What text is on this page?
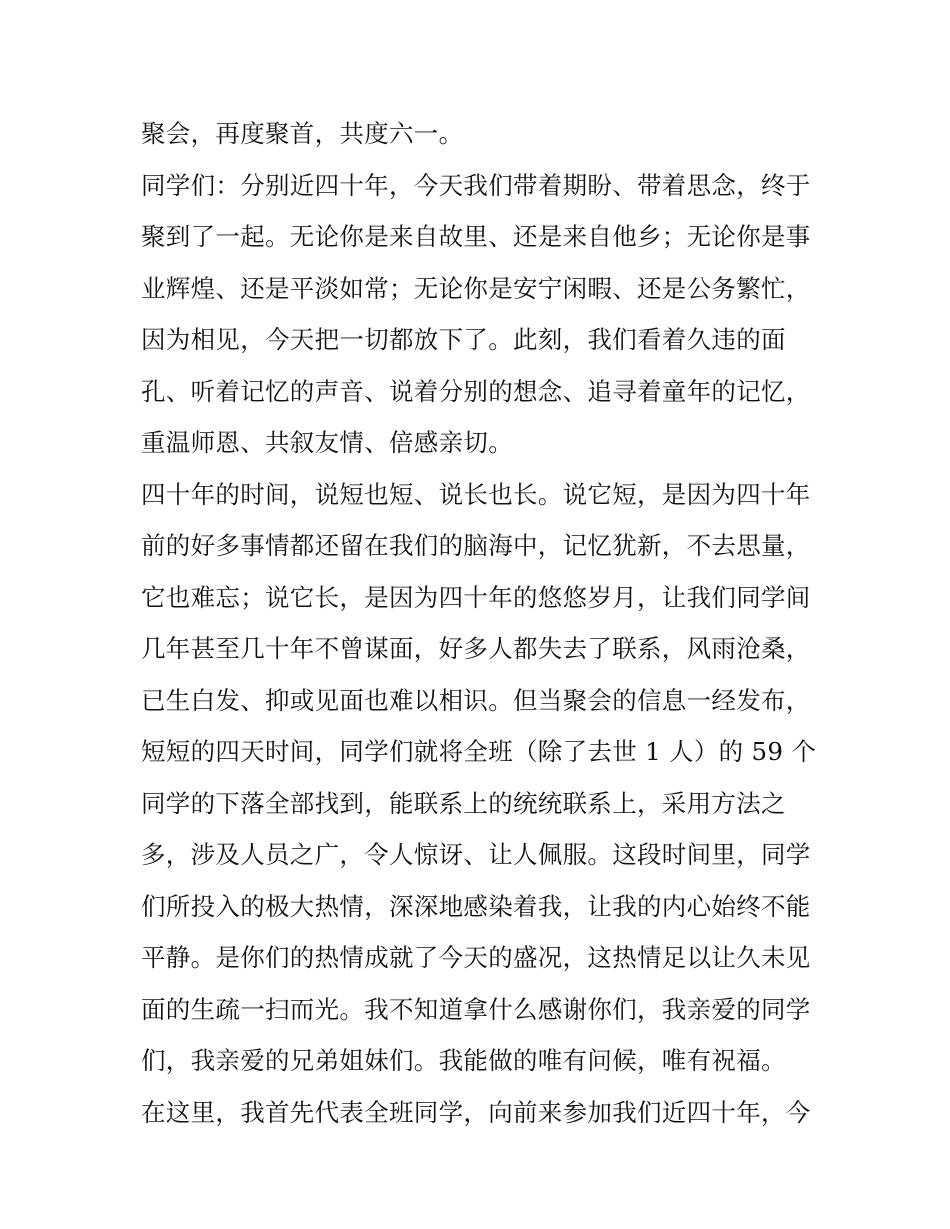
聚会，再度聚首，共度六一。
同学们：分别近四十年，今天我们带着期盼、带着思念，终于
聚到了一起。无论你是来自故里、还是来自他乡；无论你是事
业辉煌、还是平淡如常；无论你是安宁闲暇、还是公务繁忙，
因为相见，今天把一切都放下了。此刻，我们看着久违的面
孔、听着记忆的声音、说着分别的想念、追寻着童年的记忆，
重温师恩、共叙友情、倍感亲切。
四十年的时间，说短也短、说长也长。说它短，是因为四十年
前的好多事情都还留在我们的脑海中，记忆犹新，不去思量，
它也难忘；说它长，是因为四十年的悠悠岁月，让我们同学间
几年甚至几十年不曾谋面，好多人都失去了联系，风雨沧桑，
已生白发、抑或见面也难以相识。但当聚会的信息一经发布，
短短的四天时间，同学们就将全班（除了去世 1 人）的 59 个
同学的下落全部找到，能联系上的统统联系上，采用方法之
多，涉及人员之广，令人惊讶、让人佩服。这段时间里，同学
们所投入的极大热情，深深地感染着我，让我的内心始终不能
平静。是你们的热情成就了今天的盛况，这热情足以让久未见
面的生疏一扫而光。我不知道拿什么感谢你们，我亲爱的同学
们，我亲爱的兄弟姐妹们。我能做的唯有问候，唯有祝福。
在这里，我首先代表全班同学，向前来参加我们近四十年，今
